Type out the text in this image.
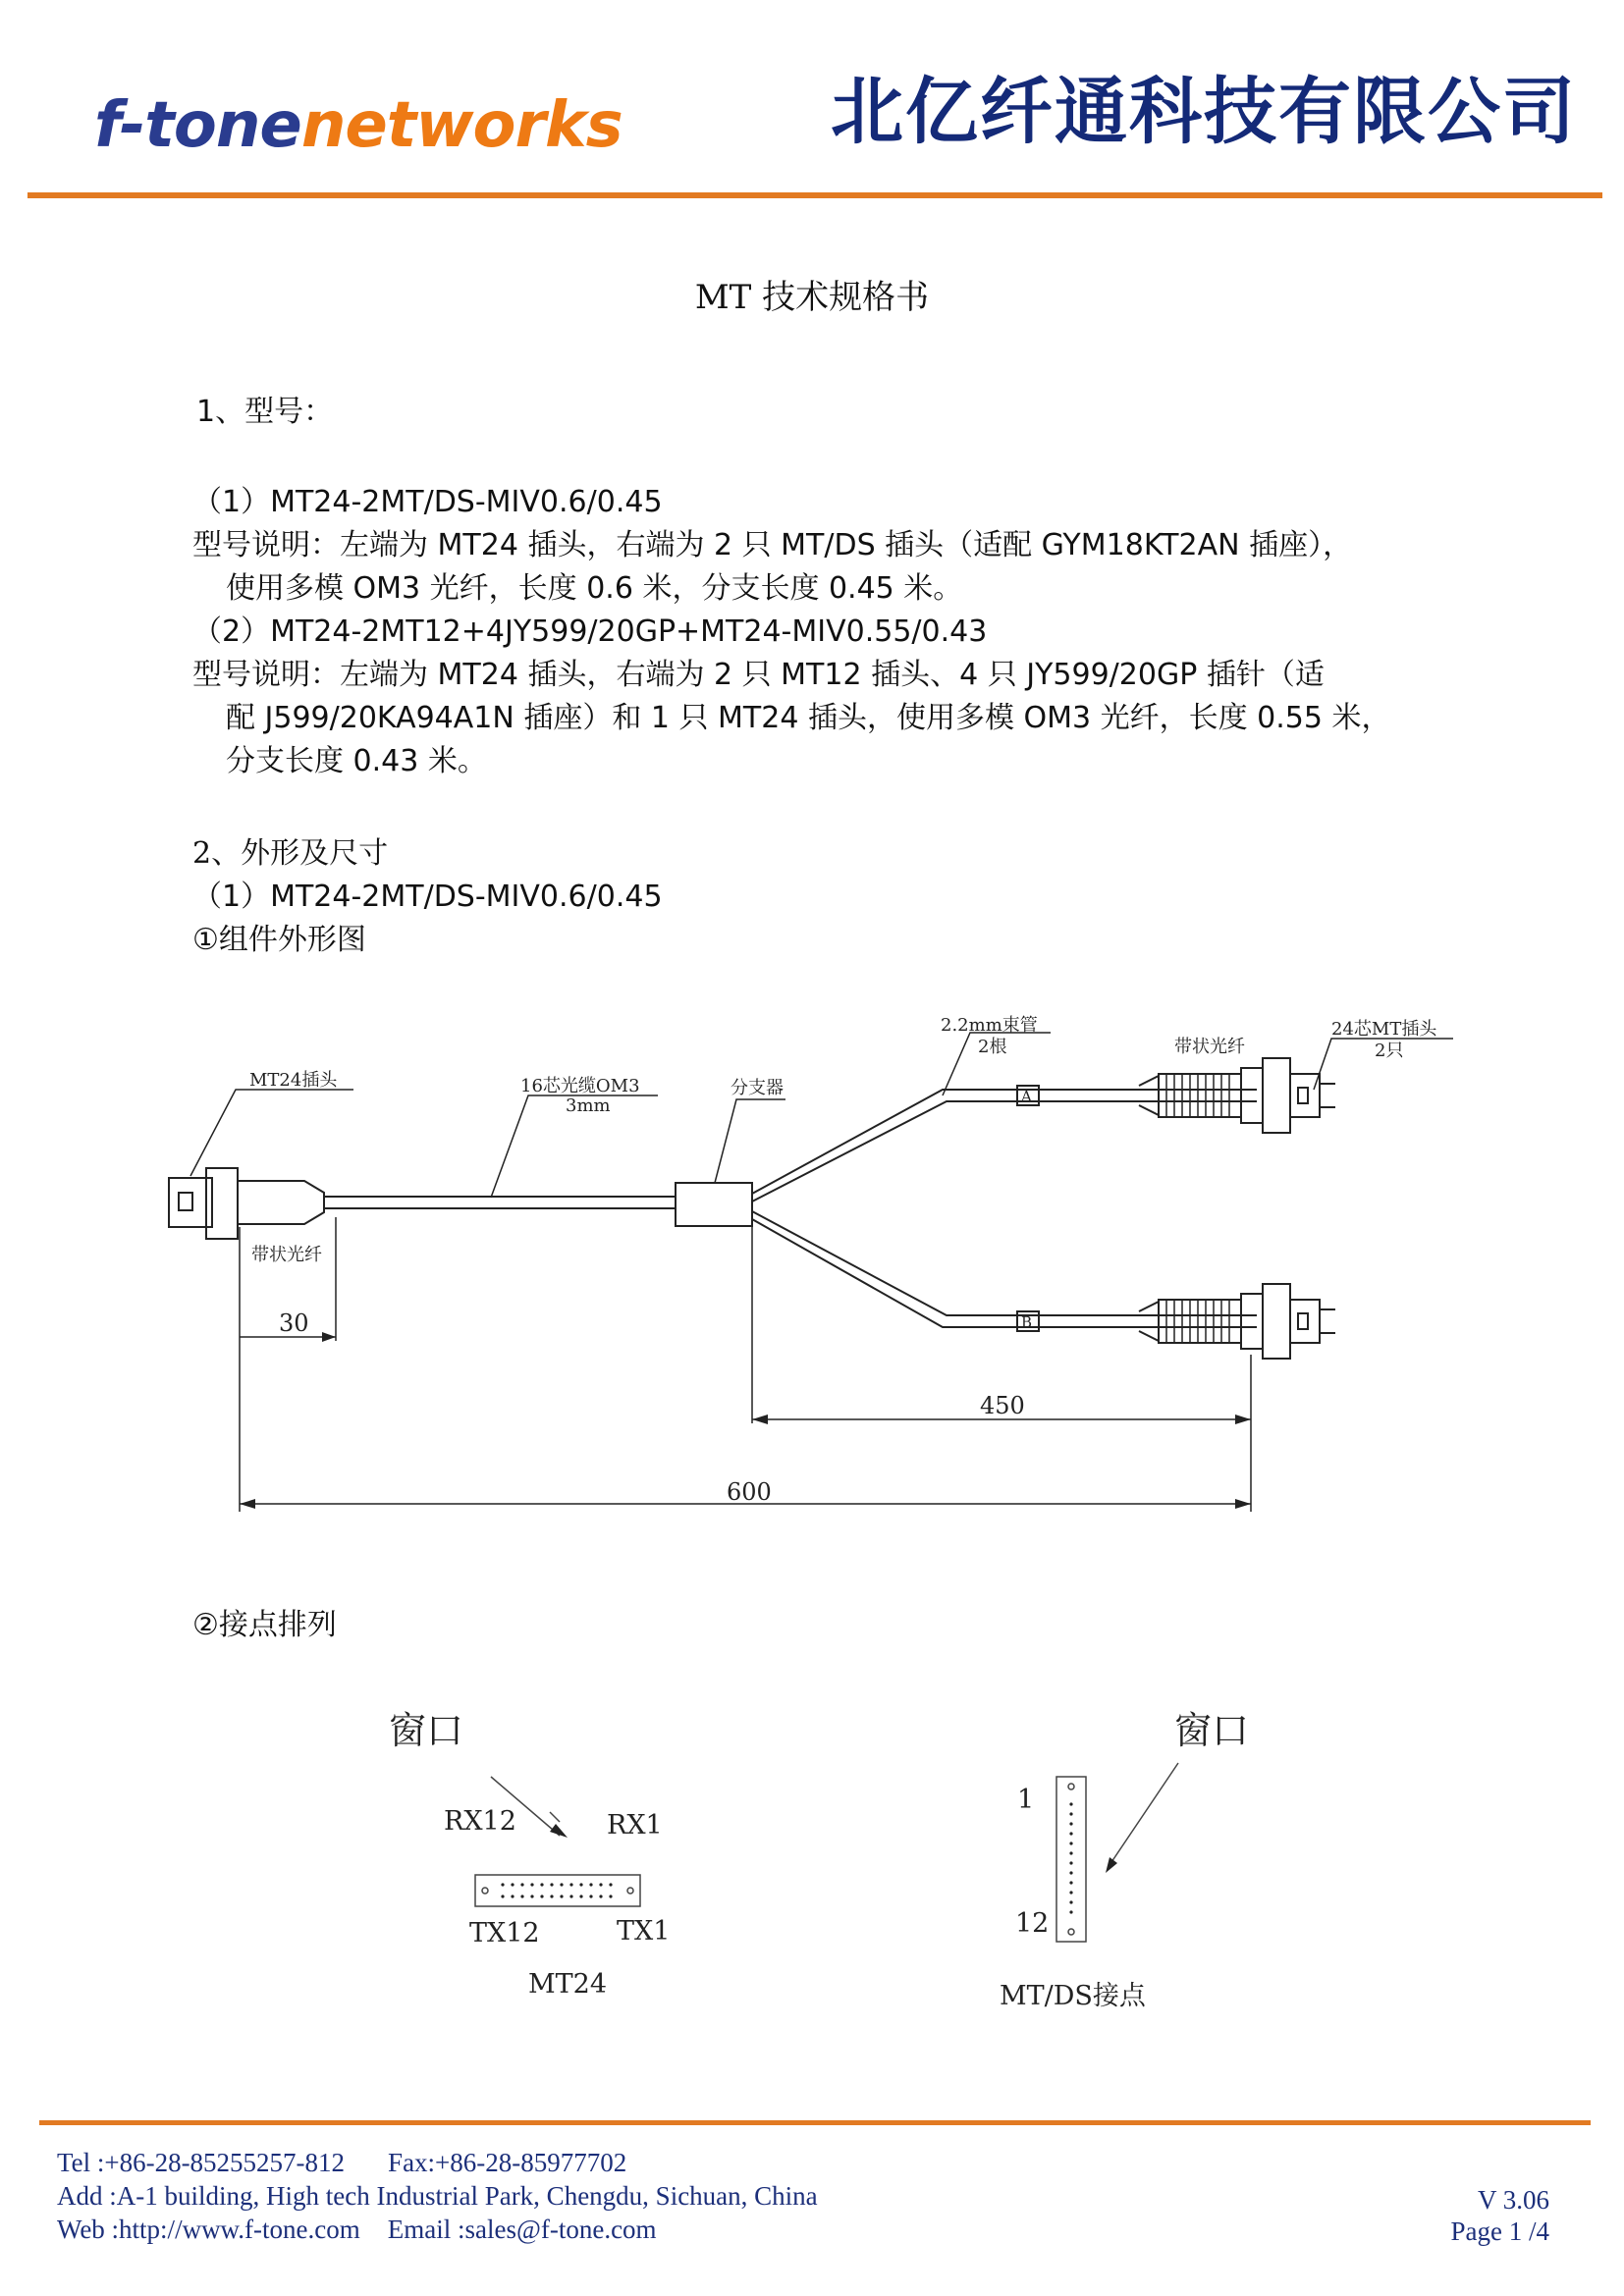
f-tonenetworks	北亿纤通科技有限公司
MT 技术规格书
1、型号：
（1）MT24-2MT/DS-MIV0.6/0.45
型号说明：左端为 MT24 插头，右端为 2 只 MT/DS 插头（适配 GYM18KT2AN 插座），
使用多模 OM3 光纤，长度 0.6 米，分支长度 0.45 米。
（2）MT24-2MT12+4JY599/20GP+MT24-MIV0.55/0.43
型号说明：左端为 MT24 插头，右端为 2 只 MT12 插头、4 只 JY599/20GP 插针（适
配 J599/20KA94A1N 插座）和 1 只 MT24 插头，使用多模 OM3 光纤，长度 0.55 米，
分支长度 0.43 米。
2、外形及尺寸
（1）MT24-2MT/DS-MIV0.6/0.45
①组件外形图
MT24插头
带状光纤
16芯光缆OM3
3mm
分支器
2.2mm束管
2根	带状光纤
24芯MT插头
2只
A
B
30
450
600
②接点排列
窗口	窗口
RX12	RX1
TX12	TX1
MT24
1
12
MT/DS接点
Tel :+86-28-85255257-812 Fax:+86-28-85977702
Add :A-1 building, High tech Industrial Park, Chengdu, Sichuan, China
Web :http://www.f-tone.com Email :sales@f-tone.com
V 3.06
Page 1 /4
